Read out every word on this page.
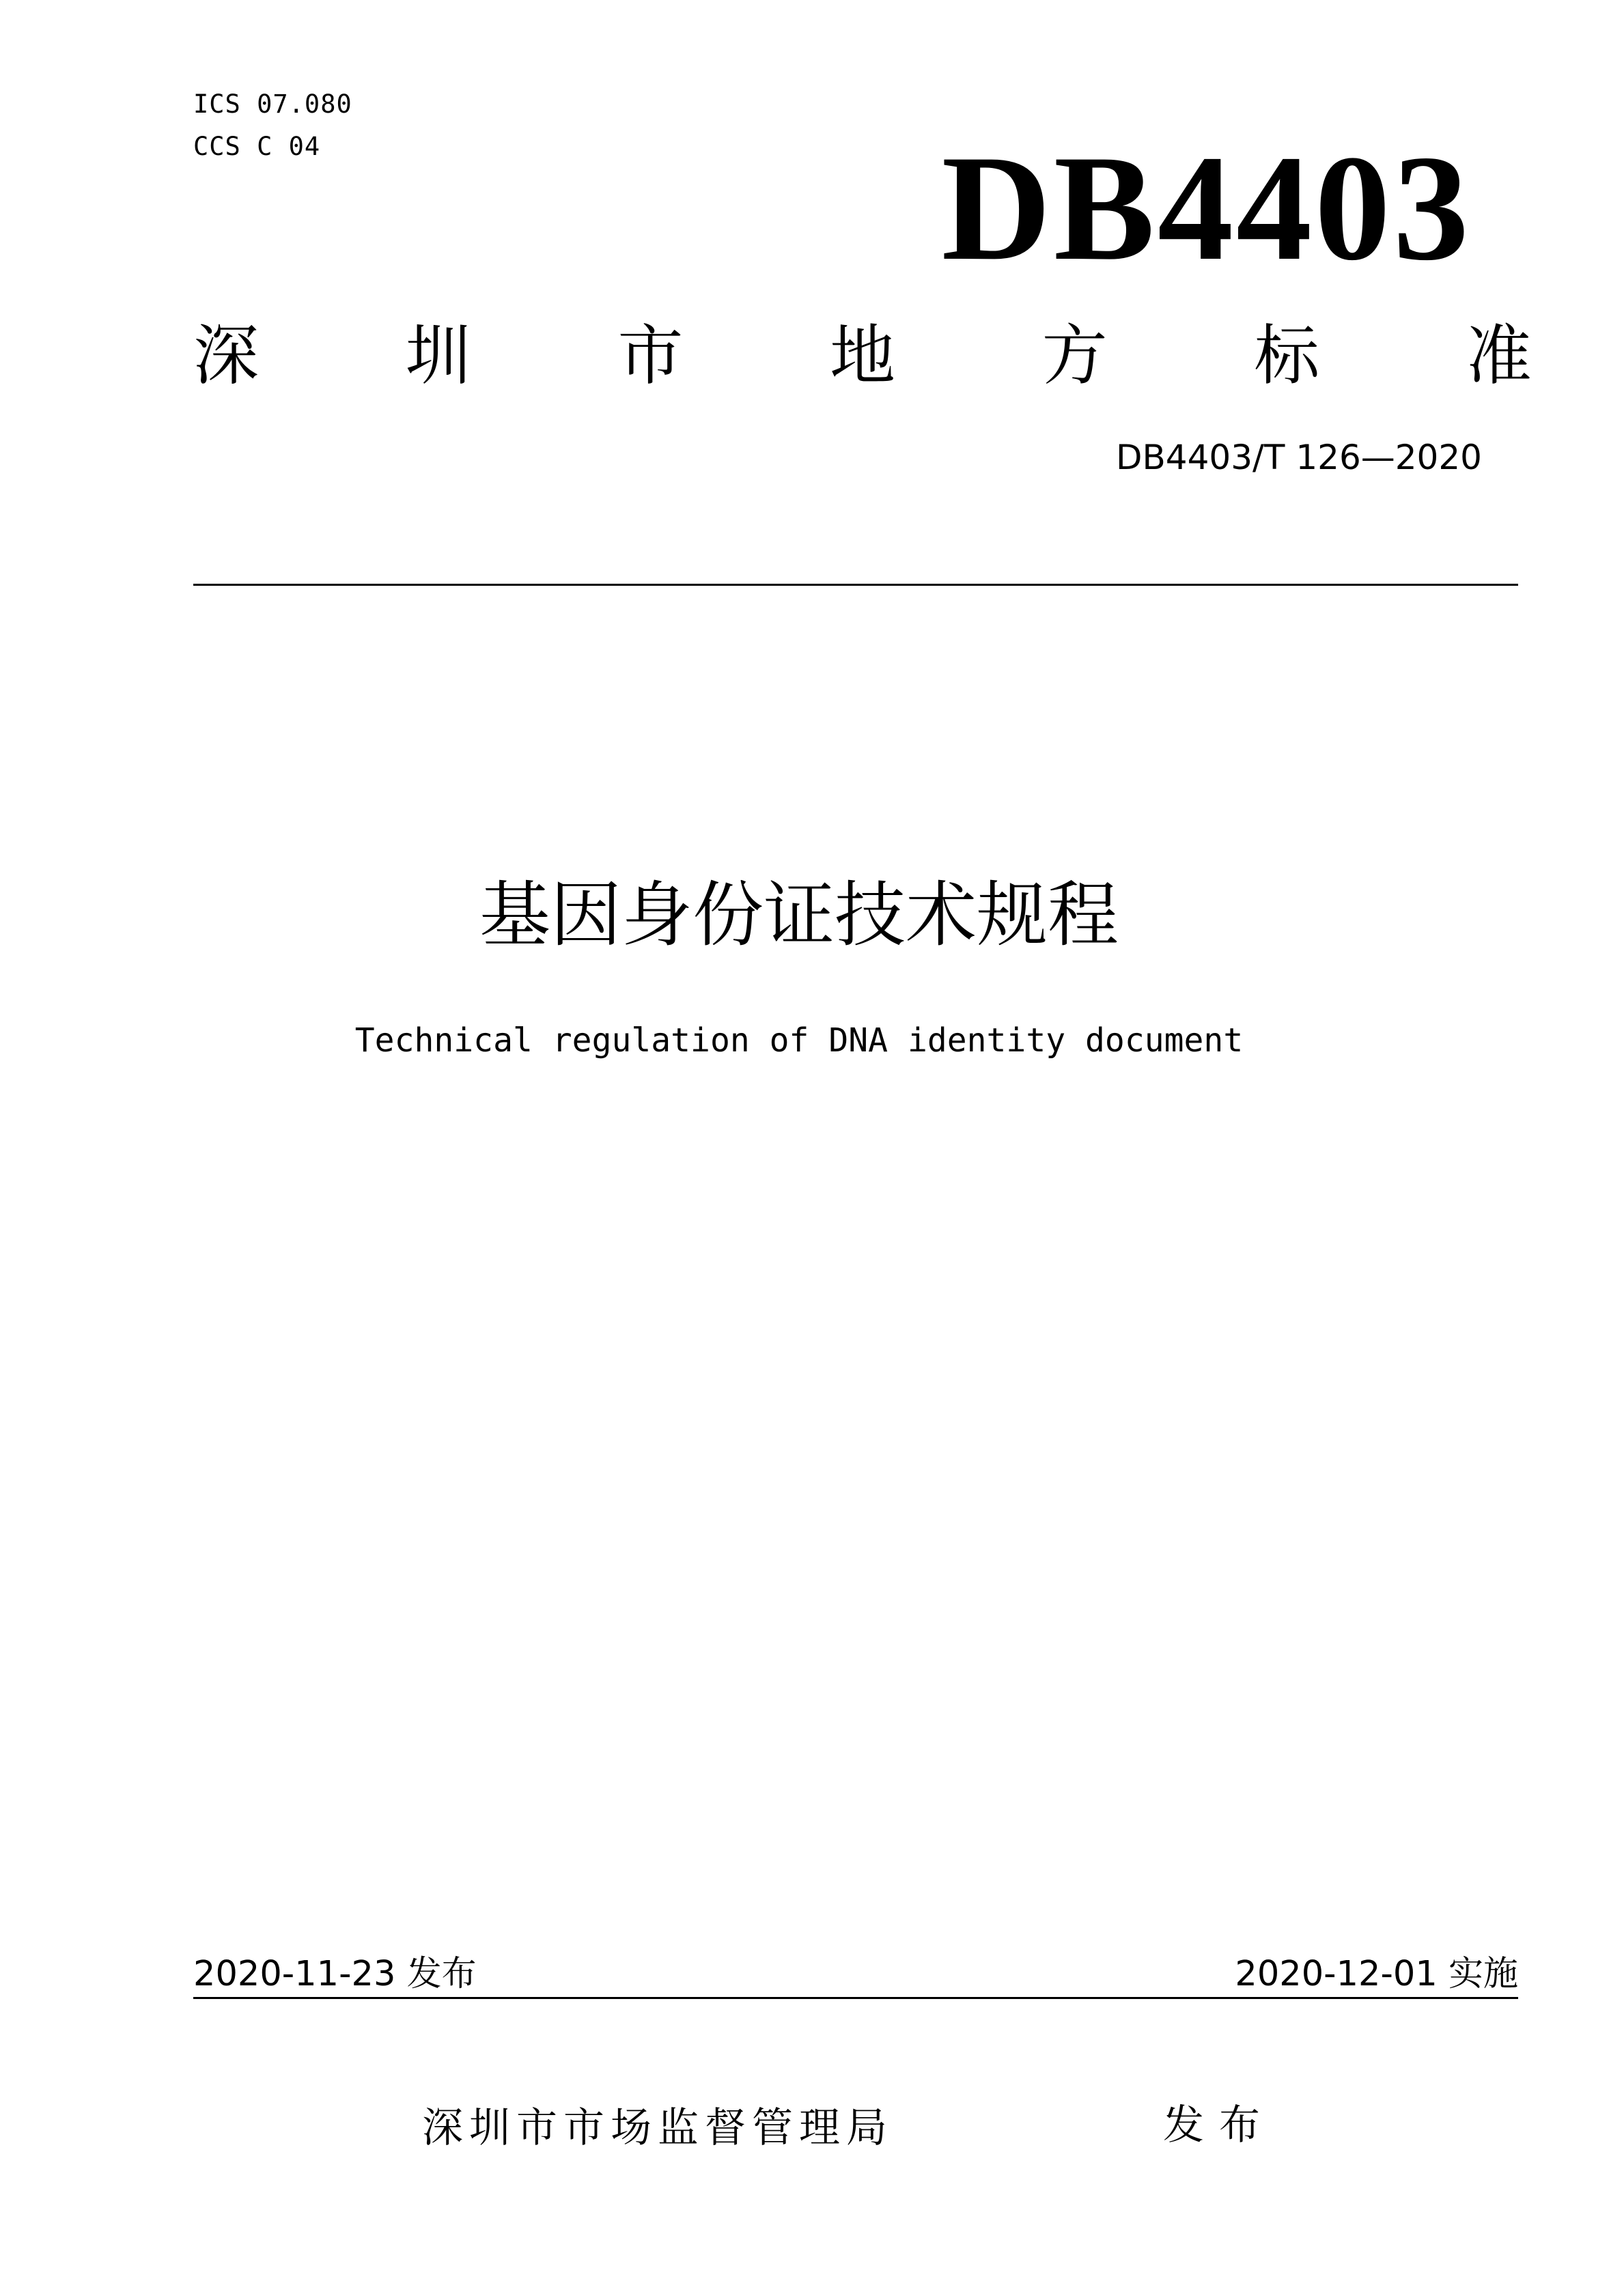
ICS 07.080
CCS C 04	DB4403
深 圳 市 地 方 标 准
DB4403/T 126—2020
基因身份证技术规程
Technical regulation of DNA identity document
2020-11-23 发布	2020-12-01 实施
深圳市市场监督管理局	发布
